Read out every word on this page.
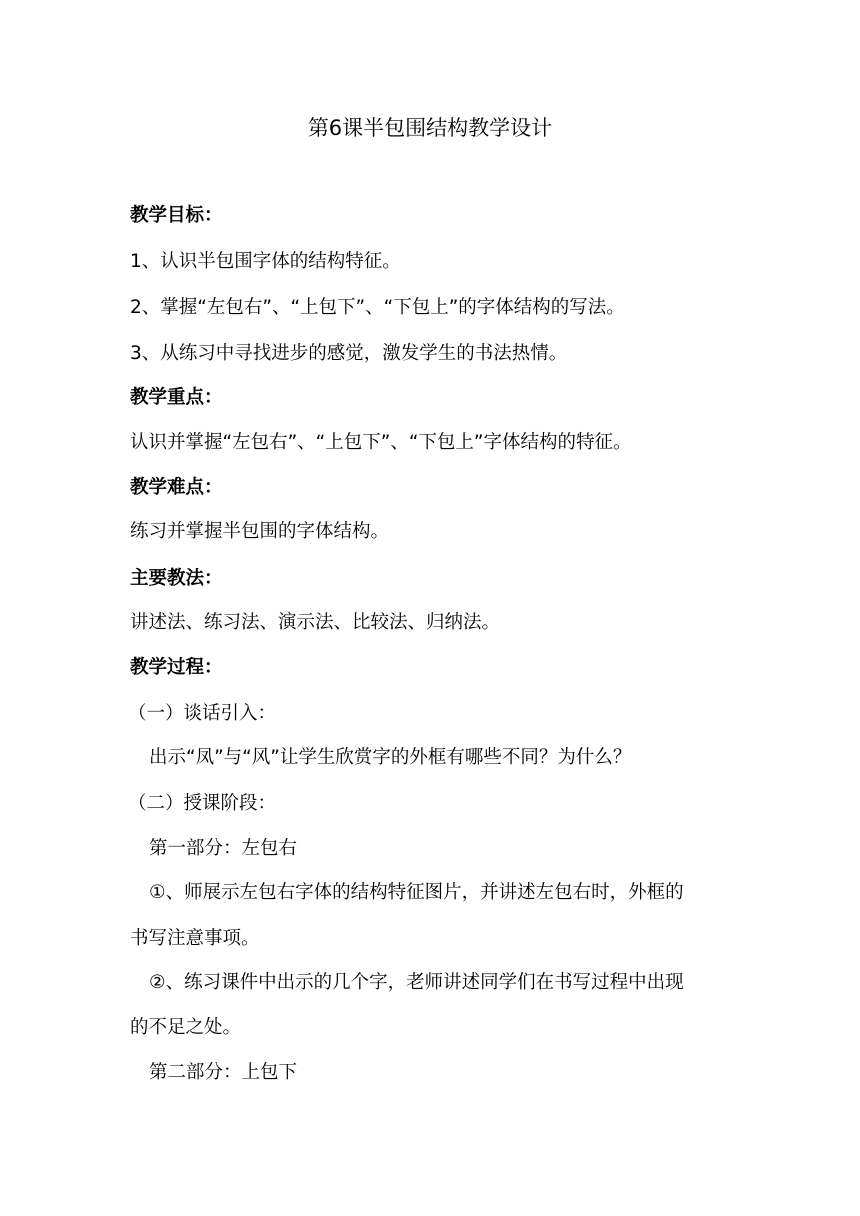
第6课半包围结构教学设计

教学目标：

1、认识半包围字体的结构特征。

2、掌握“左包右”、“上包下”、“下包上”的字体结构的写法。

3、从练习中寻找进步的感觉，激发学生的书法热情。

教学重点：

认识并掌握“左包右”、“上包下”、“下包上”字体结构的特征。

教学难点：

练习并掌握半包围的字体结构。

主要教法：

讲述法、练习法、演示法、比较法、归纳法。

教学过程：

（一）谈话引入：

出示“凤”与“风”让学生欣赏字的外框有哪些不同？为什么？

（二）授课阶段：

第一部分：左包右

①、师展示左包右字体的结构特征图片，并讲述左包右时，外框的

书写注意事项。

②、练习课件中出示的几个字，老师讲述同学们在书写过程中出现

的不足之处。

第二部分：上包下
